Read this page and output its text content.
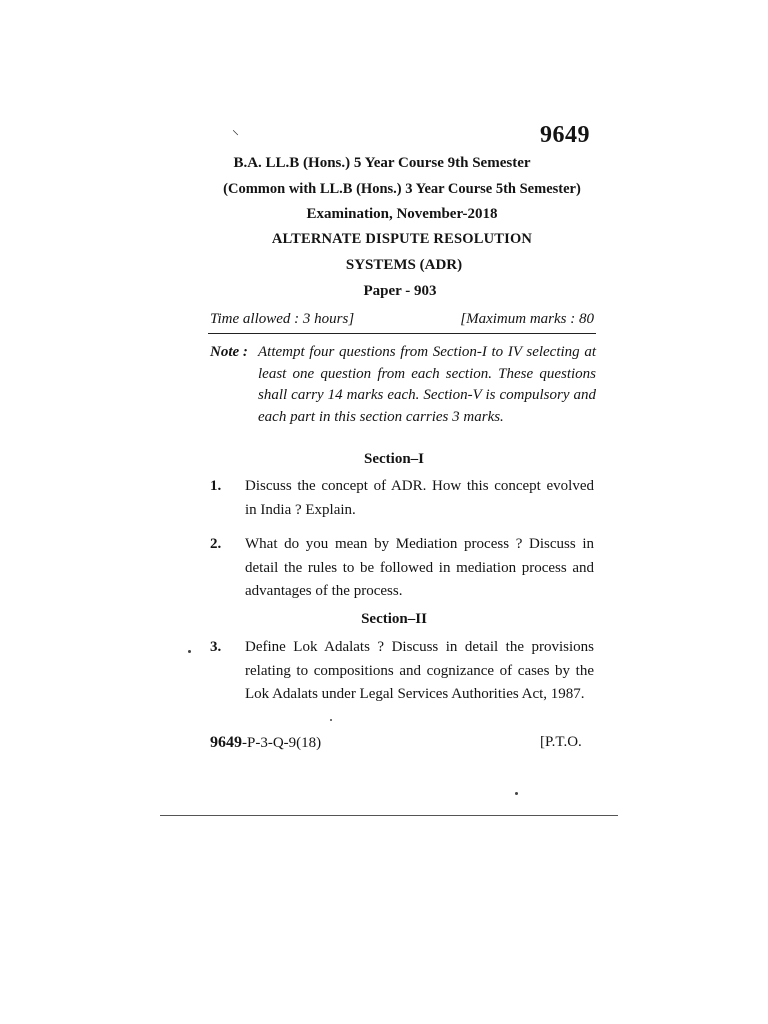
⸌	9649
B.A. LL.B (Hons.) 5 Year Course 9th Semester
(Common with LL.B (Hons.) 3 Year Course 5th Semester)
Examination, November-2018
ALTERNATE DISPUTE RESOLUTION
SYSTEMS (ADR)
Paper - 903
Time allowed : 3 hours]	[Maximum marks : 80
Note : Attempt four questions from Section-I to IV selecting at least one question from each section. These questions shall carry 14 marks each. Section-V is compulsory and each part in this section carries 3 marks.
Section–I
1. Discuss the concept of ADR. How this concept evolved in India ? Explain.
2. What do you mean by Mediation process ? Discuss in detail the rules to be followed in mediation process and advantages of the process.
Section–II
3. Define Lok Adalats ? Discuss in detail the provisions relating to compositions and cognizance of cases by the Lok Adalats under Legal Services Authorities Act, 1987.
9649-P-3-Q-9(18)	[P.T.O.
